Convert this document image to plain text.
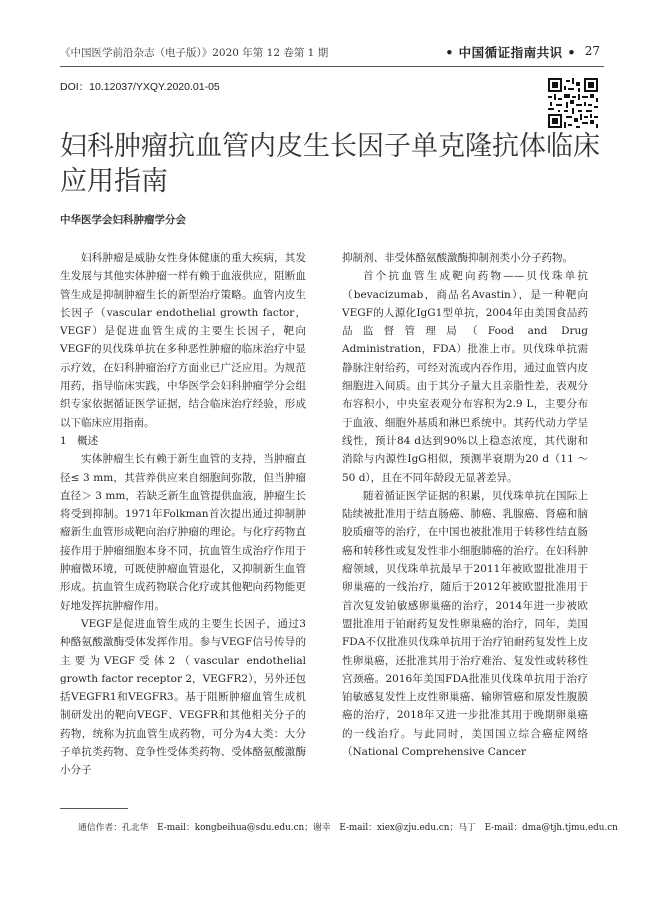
《中国医学前沿杂志（电子版）》2020 年第 12 卷第 1 期	• 中国循证指南共识 • 27
DOI：10.12037/YXQY.2020.01-05
妇科肿瘤抗血管内皮生长因子单克隆抗体临床应用指南
中华医学会妇科肿瘤学分会

妇科肿瘤是威胁女性身体健康的重大疾病，其发生发展与其他实体肿瘤一样有赖于血液供应，阻断血管生成是抑制肿瘤生长的新型治疗策略。血管内皮生长因子（vascular endothelial growth factor，VEGF）是促进血管生成的主要生长因子，靶向VEGF的贝伐珠单抗在多种恶性肿瘤的临床治疗中显示疗效，在妇科肿瘤治疗方面业已广泛应用。为规范用药，指导临床实践，中华医学会妇科肿瘤学分会组织专家依据循证医学证据，结合临床治疗经验，形成以下临床应用指南。

1　概述

实体肿瘤生长有赖于新生血管的支持，当肿瘤直径≤ 3 mm，其营养供应来自细胞间弥散，但当肿瘤直径＞ 3 mm，若缺乏新生血管提供血液，肿瘤生长将受到抑制。1971年Folkman首次提出通过抑制肿瘤新生血管形成靶向治疗肿瘤的理论。与化疗药物直接作用于肿瘤细胞本身不同，抗血管生成治疗作用于肿瘤微环境，可既使肿瘤血管退化，又抑制新生血管形成。抗血管生成药物联合化疗或其他靶向药物能更好地发挥抗肿瘤作用。

VEGF是促进血管生成的主要生长因子，通过3种酪氨酸激酶受体发挥作用。参与VEGF信号传导的主要为VEGF受体2（vascular endothelial growth factor receptor 2，VEGFR2），另外还包括VEGFR1和VEGFR3。基于阻断肿瘤血管生成机制研发出的靶向VEGF、VEGFR和其他相关分子的药物，统称为抗血管生成药物，可分为4大类：大分子单抗类药物、竞争性受体类药物、受体酪氨酸激酶小分子

抑制剂、非受体酪氨酸激酶抑制剂类小分子药物。

首个抗血管生成靶向药物——贝伐珠单抗（bevacizumab，商品名Avastin），是一种靶向VEGF的人源化IgG1型单抗，2004年由美国食品药品监督管理局（Food and Drug Administration，FDA）批准上市。贝伐珠单抗需静脉注射给药，可经对流或内吞作用，通过血管内皮细胞进入间质。由于其分子量大且亲脂性差，表观分布容积小，中央室表观分布容积为2.9 L，主要分布于血液、细胞外基质和淋巴系统中。其药代动力学呈线性，预计84 d达到90%以上稳态浓度，其代谢和消除与内源性IgG相似，预测半衰期为20 d（11 ～ 50 d），且在不同年龄段无显著差异。

随着循证医学证据的积累，贝伐珠单抗在国际上陆续被批准用于结直肠癌、肺癌、乳腺癌、肾癌和脑胶质瘤等的治疗，在中国也被批准用于转移性结直肠癌和转移性或复发性非小细胞肺癌的治疗。在妇科肿瘤领域，贝伐珠单抗最早于2011年被欧盟批准用于卵巢癌的一线治疗，随后于2012年被欧盟批准用于首次复发铂敏感卵巢癌的治疗，2014年进一步被欧盟批准用于铂耐药复发性卵巢癌的治疗，同年，美国FDA不仅批准贝伐珠单抗用于治疗铂耐药复发性上皮性卵巢癌，还批准其用于治疗难治、复发性或转移性宫颈癌。2016年美国FDA批准贝伐珠单抗用于治疗铂敏感复发性上皮性卵巢癌、输卵管癌和原发性腹膜癌的治疗，2018年又进一步批准其用于晚期卵巢癌的一线治疗。与此同时，美国国立综合癌症网络（National Comprehensive Cancer

通信作者：孔北华　E-mail：kongbeihua@sdu.edu.cn；谢幸　E-mail：xiex@zju.edu.cn；马丁　E-mail：dma@tjh.tjmu.edu.cn
